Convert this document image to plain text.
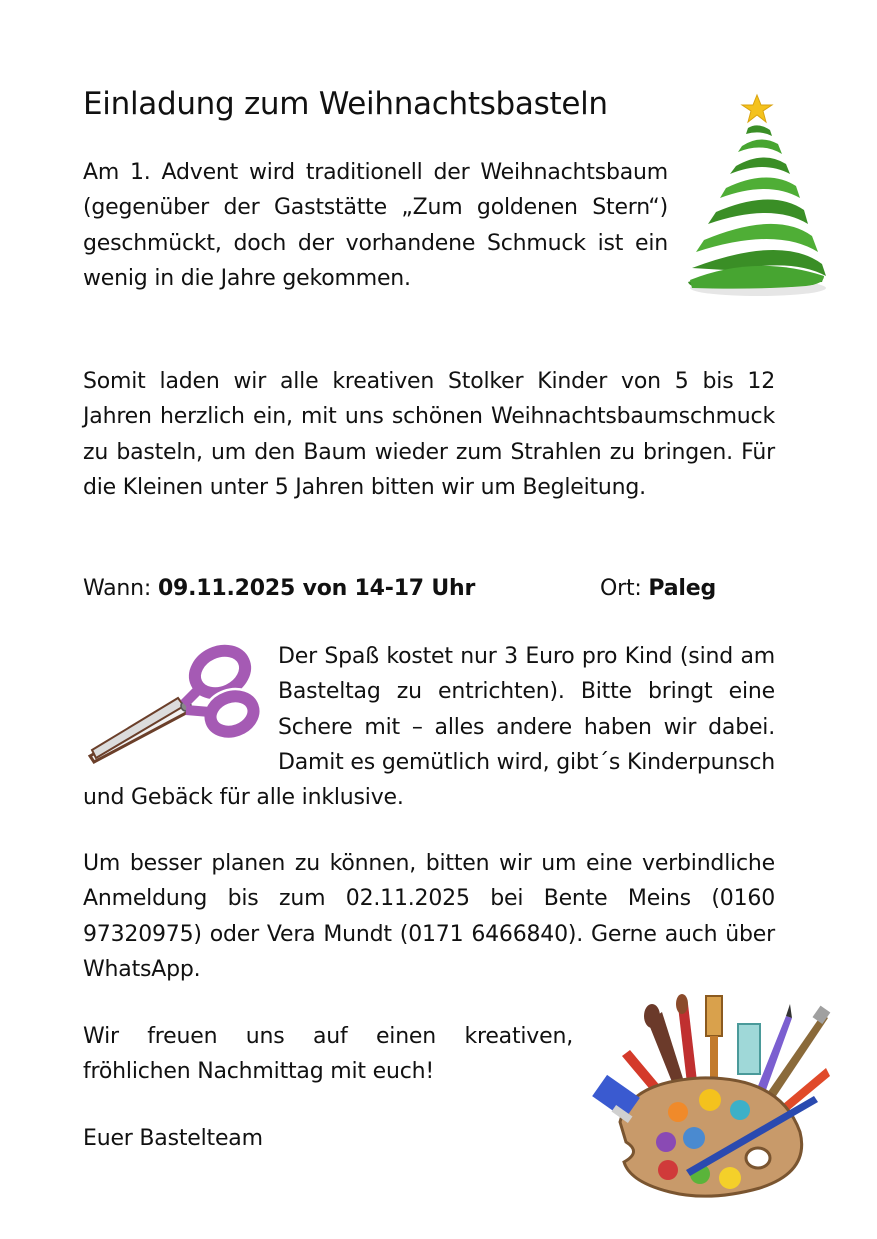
Einladung zum Weihnachtsbasteln

Am 1. Advent wird traditionell der Weihnachtsbaum (gegenüber der Gaststätte „Zum goldenen Stern“) geschmückt, doch der vorhandene Schmuck ist ein wenig in die Jahre gekommen.

Somit laden wir alle kreativen Stolker Kinder von 5 bis 12 Jahren herzlich ein, mit uns schönen Weihnachtsbaumschmuck zu basteln, um den Baum wieder zum Strahlen zu bringen. Für die Kleinen unter 5 Jahren bitten wir um Begleitung.

Wann: 09.11.2025 von 14-17 Uhr	Ort: Paleg
Der Spaß kostet nur 3 Euro pro Kind (sind am Basteltag zu entrichten). Bitte bringt eine Schere mit – alles andere haben wir dabei. Damit es gemütlich wird, gibt´s Kinderpunsch und Gebäck für alle inklusive.

Um besser planen zu können, bitten wir um eine verbindliche Anmeldung bis zum 02.11.2025 bei Bente Meins (0160 97320975) oder Vera Mundt (0171 6466840). Gerne auch über WhatsApp.

Wir freuen uns auf einen kreativen, fröhlichen Nachmittag mit euch!

Euer Bastelteam
